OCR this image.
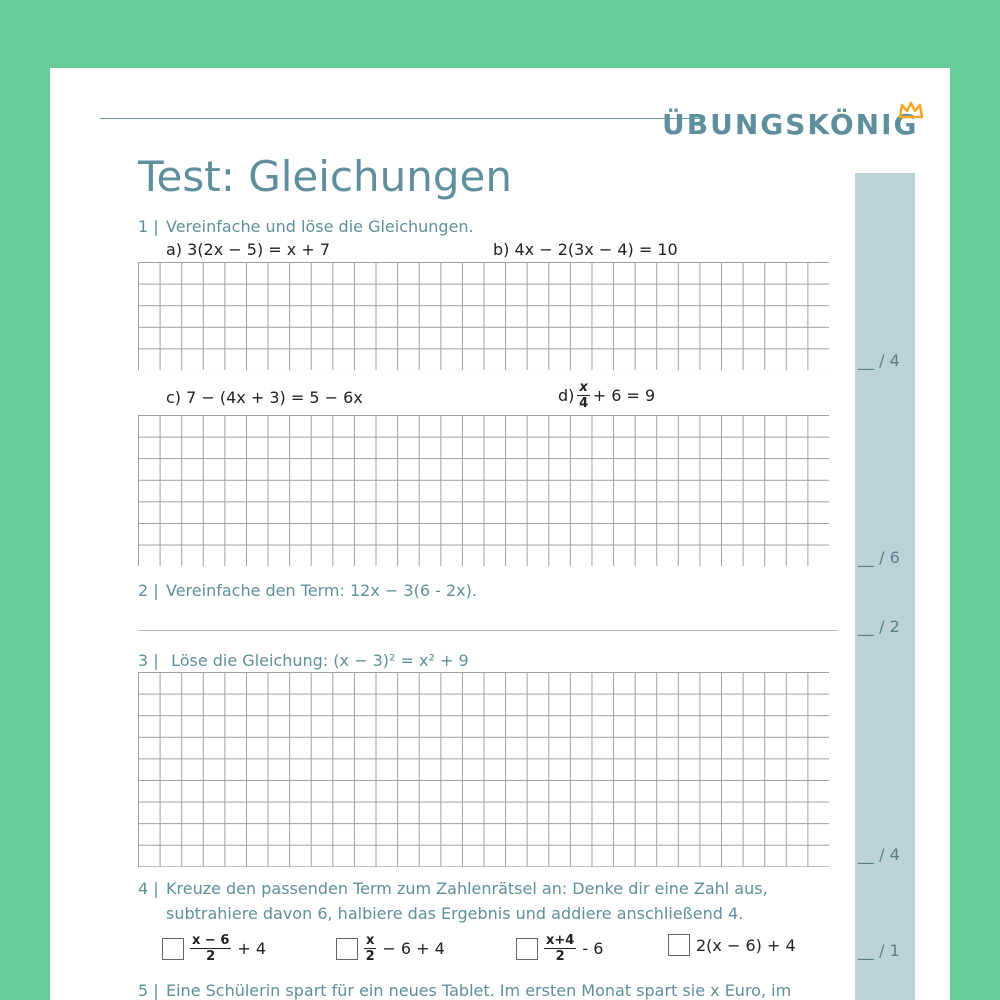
ÜBUNGSKÖNIG
Test: Gleichungen
1 | Vereinfache und löse die Gleichungen.
a) 3(2x − 5) = x + 7	b) 4x − 2(3x − 4) = 10
__ / 4
c) 7 − (4x + 3) = 5 − 6x	$d) \frac{x}{4} + 6 = 9$
__ / 6
2 | Vereinfache den Term: 12x − 3(6 - 2x).
__ / 2
3 | Löse die Gleichung: (x − 3)² = x² + 9
__ / 4
4 | Kreuze den passenden Term zum Zahlenrätsel an: Denke dir eine Zahl aus,
subtrahiere davon 6, halbiere das Ergebnis und addiere anschließend 4.
$\frac{x - 6}{2} + 4$	$\frac{x}{2} - 6 + 4$	$\frac{x+4}{2} - 6$	2(x − 6) + 4	__ / 1
5 | Eine Schülerin spart für ein neues Tablet. Im ersten Monat spart sie x Euro, im
